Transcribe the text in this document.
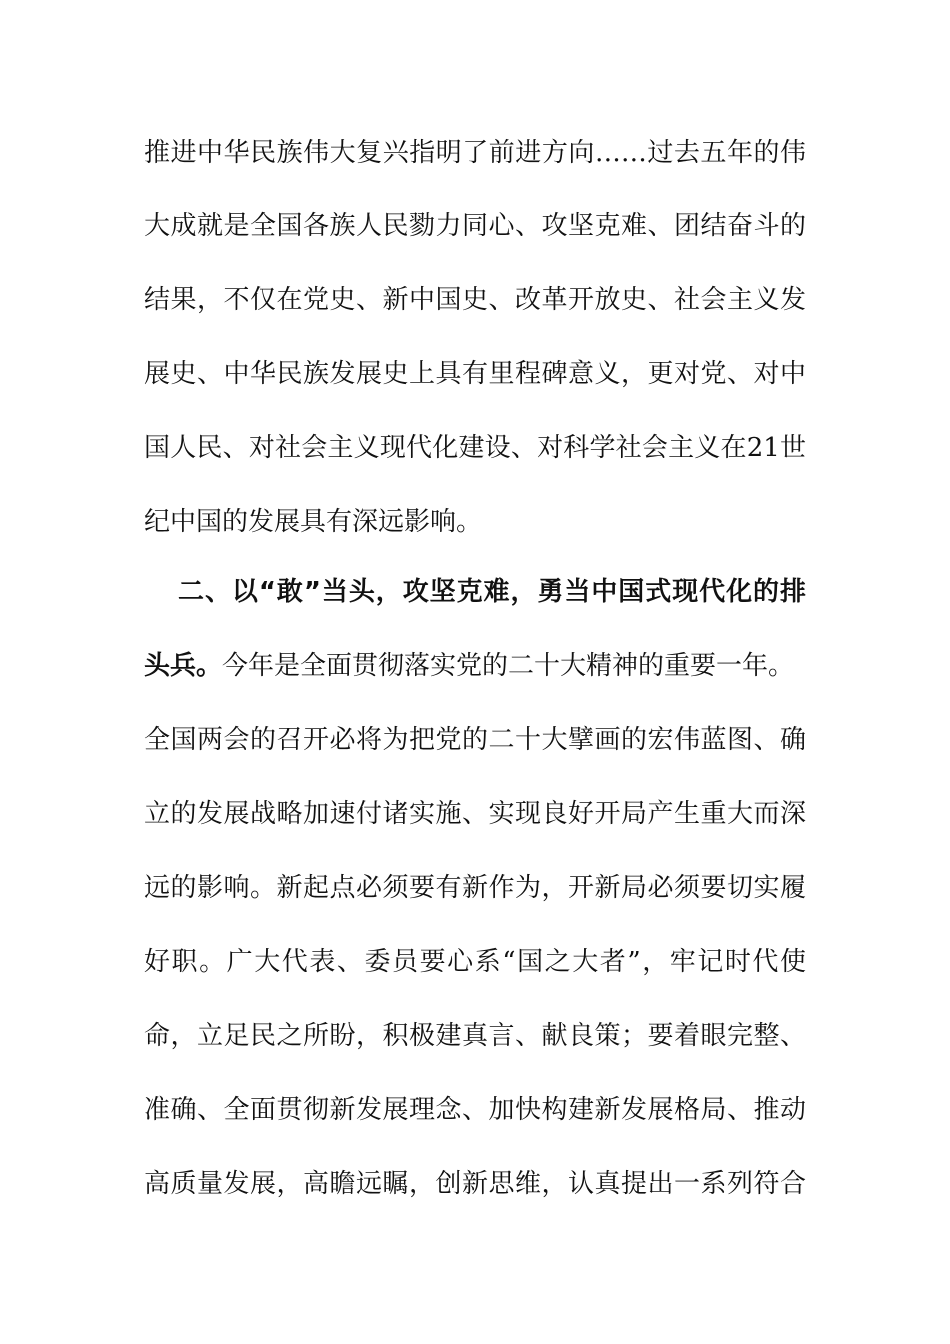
推进中华民族伟大复兴指明了前进方向……过去五年的伟
大成就是全国各族人民勠力同心、攻坚克难、团结奋斗的
结果，不仅在党史、新中国史、改革开放史、社会主义发
展史、中华民族发展史上具有里程碑意义，更对党、对中
国人民、对社会主义现代化建设、对科学社会主义在21世
纪中国的发展具有深远影响。
二、以“敢”当头，攻坚克难，勇当中国式现代化的排
头兵。今年是全面贯彻落实党的二十大精神的重要一年。
全国两会的召开必将为把党的二十大擘画的宏伟蓝图、确
立的发展战略加速付诸实施、实现良好开局产生重大而深
远的影响。新起点必须要有新作为，开新局必须要切实履
好职。广大代表、委员要心系“国之大者”，牢记时代使
命，立足民之所盼，积极建真言、献良策；要着眼完整、
准确、全面贯彻新发展理念、加快构建新发展格局、推动
高质量发展，高瞻远瞩，创新思维，认真提出一系列符合
